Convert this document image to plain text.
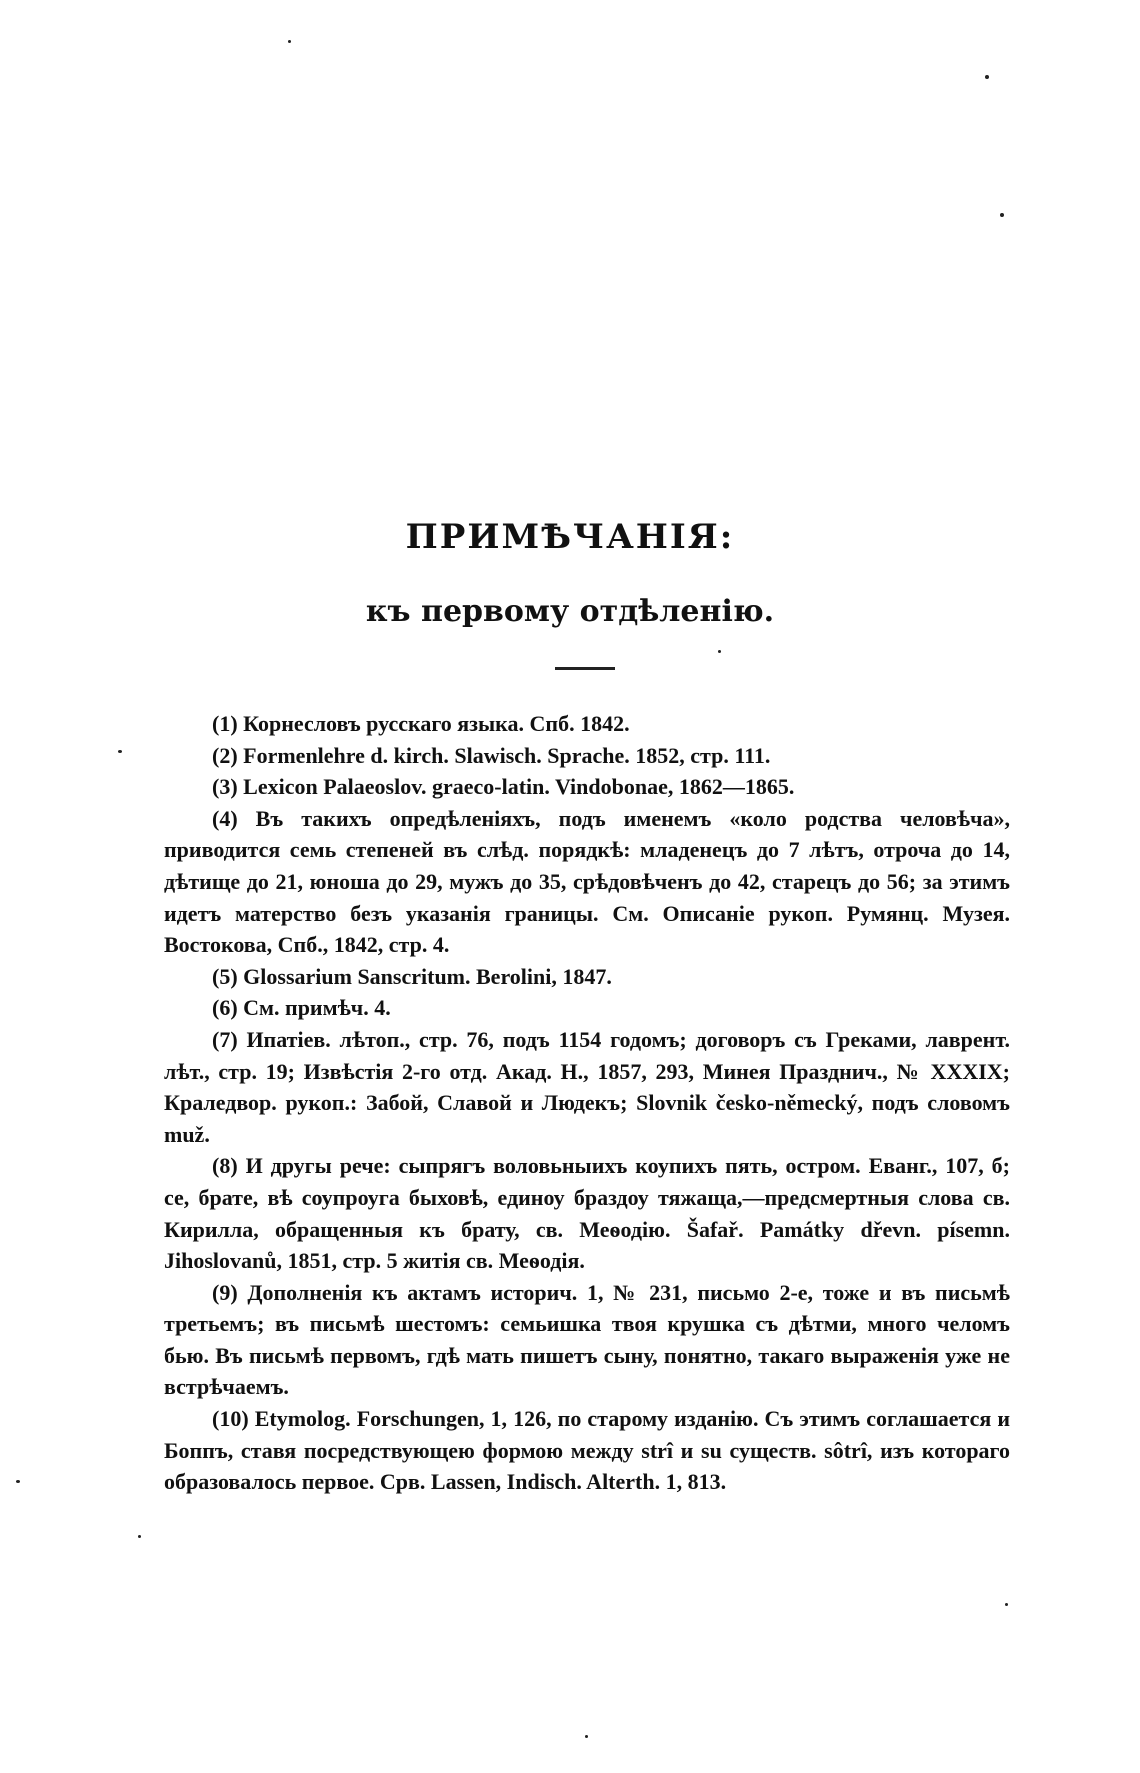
ПРИМѢЧАНІЯ:
къ первому отдѣленію.

(1) Корнесловъ русскаго языка. Спб. 1842.

(2) Formenlehre d. kirch. Slawisch. Sprache. 1852, стр. 111.

(3) Lexicon Palaeoslov. graeco-latin. Vindobonae, 1862—1865.

(4) Въ такихъ опредѣленіяхъ, подъ именемъ «коло родства человѣча», приводится семь степеней въ слѣд. порядкѣ: младенецъ до 7 лѣтъ, отроча до 14, дѣтище до 21, юноша до 29, мужъ до 35, срѣдовѣченъ до 42, старецъ до 56; за этимъ идетъ матерство безъ указанія границы. См. Описаніе рукоп. Румянц. Музея. Востокова, Спб., 1842, стр. 4.

(5) Glossarium Sanscritum. Berolini, 1847.

(6) См. примѣч. 4.

(7) Ипатіев. лѣтоп., стр. 76, подъ 1154 годомъ; договоръ съ Греками, лаврент. лѣт., стр. 19; Извѣстія 2-го отд. Акад. Н., 1857, 293, Минея Празднич., № XXXIX; Краледвор. рукоп.: Забой, Славой и Людекъ; Slovnik česko-německý, подъ словомъ muž.

(8) И другы рече: сыпрягъ воловьныихъ коупихъ пять, остром. Еванг., 107, б; се, брате, вѣ соупроуга быховѣ, единоу браздоу тяжаща,—предсмертныя слова св. Кирилла, обращенныя къ брату, св. Меѳодію. Šafař. Památky dřevn. písemn. Jihoslovanů, 1851, стр. 5 житія св. Меѳодія.

(9) Дополненія къ актамъ историч. 1, № 231, письмо 2-е, тоже и въ письмѣ третьемъ; въ письмѣ шестомъ: семьишка твоя крушка съ дѣтми, много челомъ бью. Въ письмѣ первомъ, гдѣ мать пишетъ сыну, понятно, такаго выраженія уже не встрѣчаемъ.

(10) Etymolog. Forschungen, 1, 126, по старому изданію. Съ этимъ соглашается и Боппъ, ставя посредствующею формою между strî и su существ. sôtrî, изъ котораго образовалось первое. Срв. Lassen, Indisch. Alterth. 1, 813.
